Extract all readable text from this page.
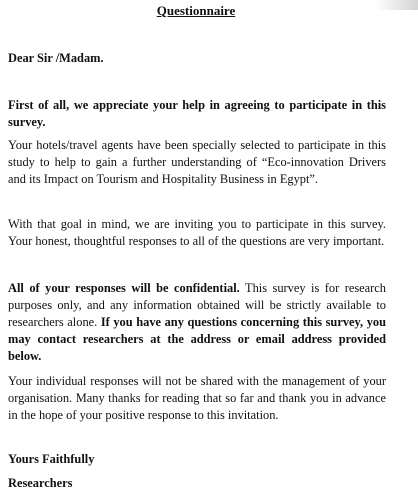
Questionnaire

Dear Sir /Madam.

First of all, we appreciate your help in agreeing to participate in this survey.

Your hotels/travel agents have been specially selected to participate in this study to help to gain a further understanding of “Eco-innovation Drivers and its Impact on Tourism and Hospitality Business in Egypt”.

With that goal in mind, we are inviting you to participate in this survey. Your honest, thoughtful responses to all of the questions are very important.

All of your responses will be confidential. This survey is for research purposes only, and any information obtained will be strictly available to researchers alone. If you have any questions concerning this survey, you may contact researchers at the address or email address provided below.

Your individual responses will not be shared with the management of your organisation. Many thanks for reading that so far and thank you in advance in the hope of your positive response to this invitation.

Yours Faithfully

Researchers
